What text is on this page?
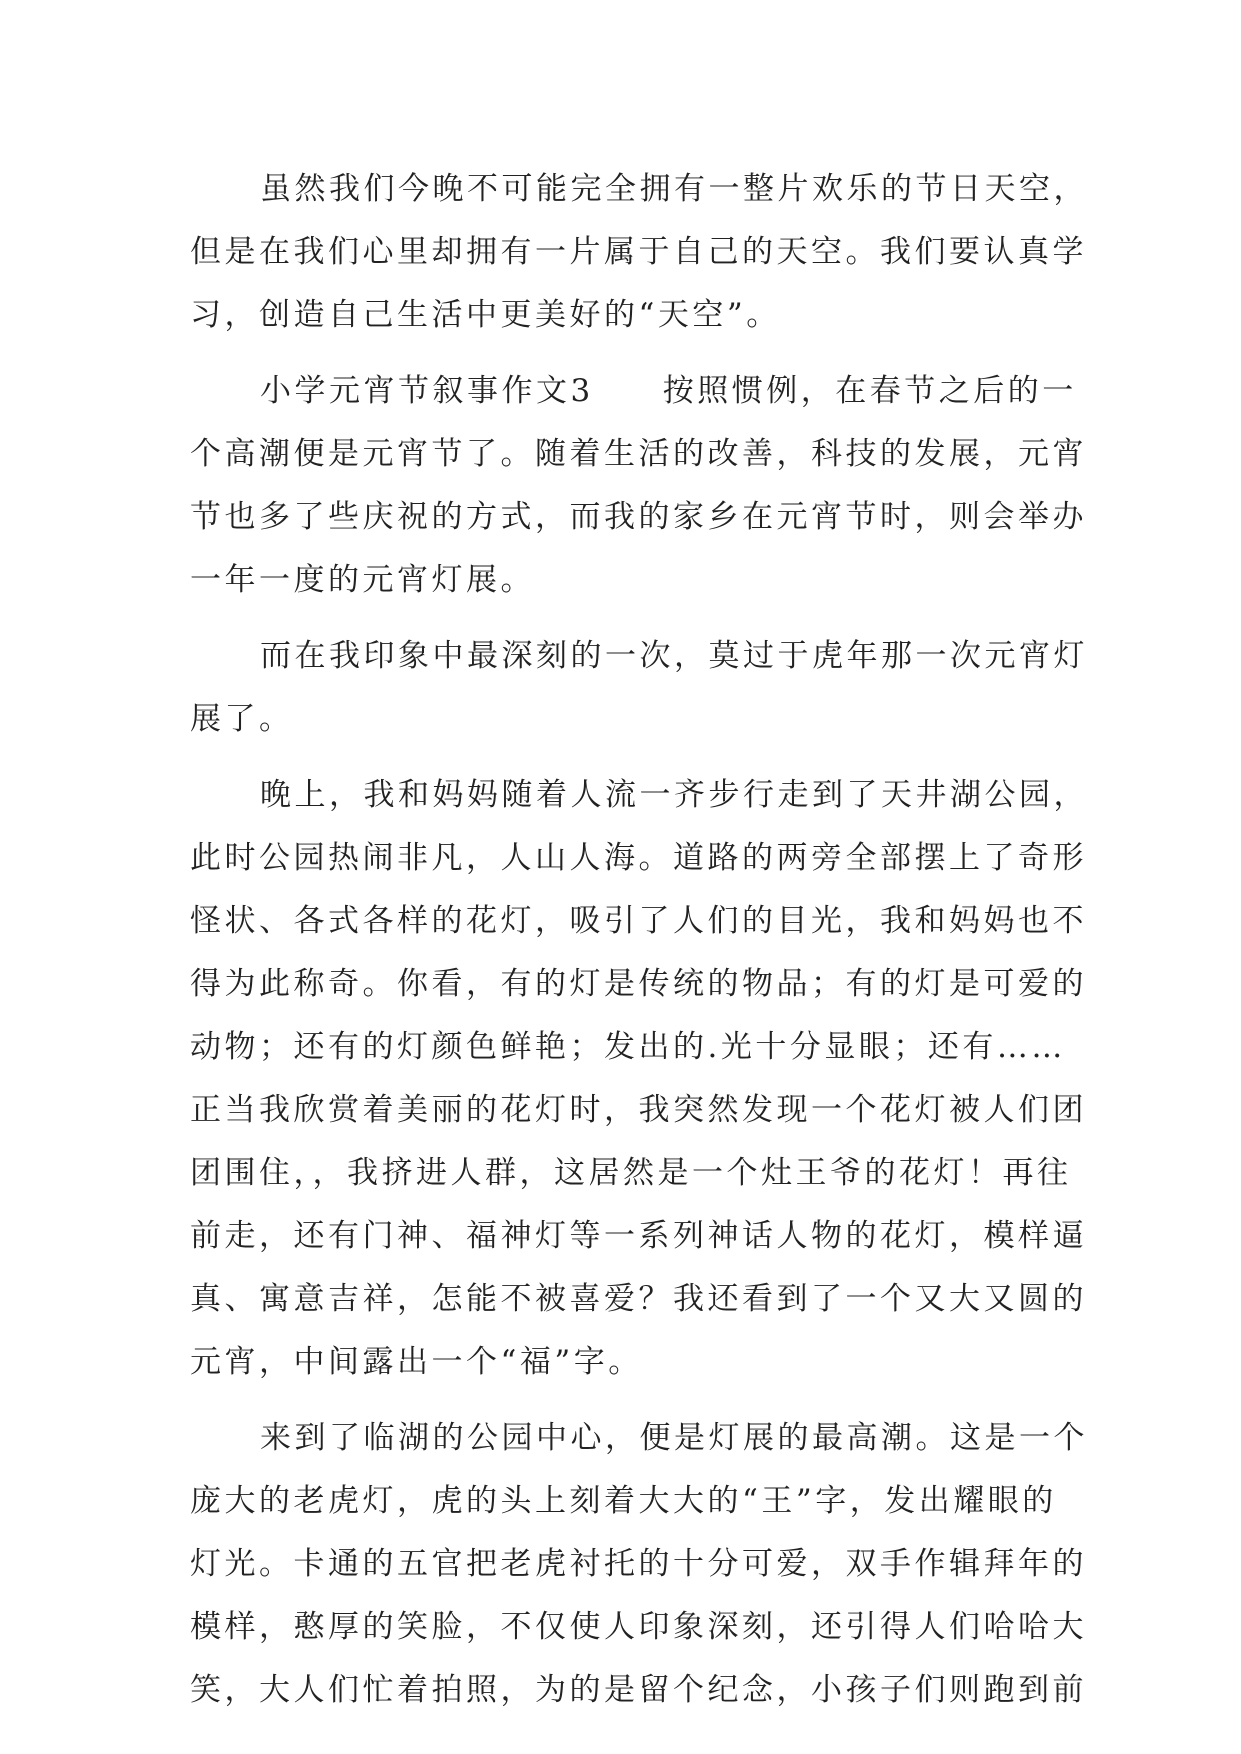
虽然我们今晚不可能完全拥有一整片欢乐的节日天空，
但是在我们心里却拥有一片属于自己的天空。我们要认真学
习，创造自己生活中更美好的“天空”。
小学元宵节叙事作文3　　按照惯例，在春节之后的一
个高潮便是元宵节了。随着生活的改善，科技的发展，元宵
节也多了些庆祝的方式，而我的家乡在元宵节时，则会举办
一年一度的元宵灯展。
而在我印象中最深刻的一次，莫过于虎年那一次元宵灯
展了。
晚上，我和妈妈随着人流一齐步行走到了天井湖公园，
此时公园热闹非凡，人山人海。道路的两旁全部摆上了奇形
怪状、各式各样的花灯，吸引了人们的目光，我和妈妈也不
得为此称奇。你看，有的灯是传统的物品；有的灯是可爱的
动物；还有的灯颜色鲜艳；发出的.光十分显眼；还有……
正当我欣赏着美丽的花灯时，我突然发现一个花灯被人们团
团围住，，我挤进人群，这居然是一个灶王爷的花灯！再往
前走，还有门神、福神灯等一系列神话人物的花灯，模样逼
真、寓意吉祥，怎能不被喜爱？我还看到了一个又大又圆的
元宵，中间露出一个“福”字。
来到了临湖的公园中心，便是灯展的最高潮。这是一个
庞大的老虎灯，虎的头上刻着大大的“王”字，发出耀眼的
灯光。卡通的五官把老虎衬托的十分可爱，双手作辑拜年的
模样，憨厚的笑脸，不仅使人印象深刻，还引得人们哈哈大
笑，大人们忙着拍照，为的是留个纪念，小孩子们则跑到前
